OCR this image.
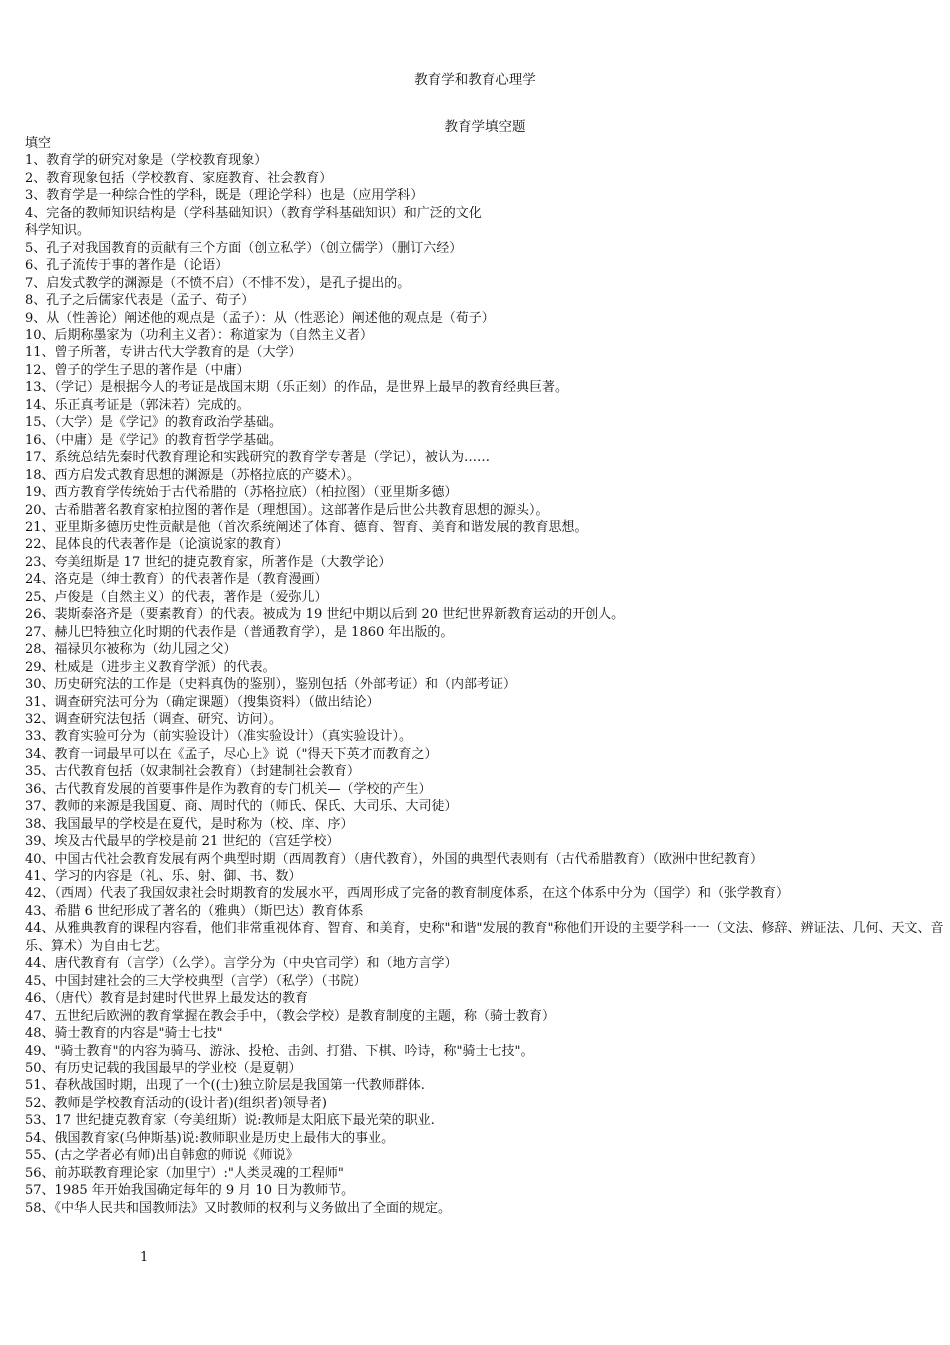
教育学和教育心理学
教育学填空题
填空
1、教育学的研究对象是（学校教育现象）
2、教育现象包括（学校教育、家庭教育、社会教育）
3、教育学是一种综合性的学科，既是（理论学科）也是（应用学科）
4、完备的教师知识结构是（学科基础知识）（教育学科基础知识）和广泛的文化
科学知识。
5、孔子对我国教育的贡献有三个方面（创立私学）（创立儒学）（删订六经）
6、孔子流传于事的著作是（论语）
7、启发式教学的渊源是（不愤不启）（不悱不发），是孔子提出的。
8、孔子之后儒家代表是（孟子、荀子）
9、从（性善论）阐述他的观点是（孟子）：从（性恶论）阐述他的观点是（荀子）
10、后期称墨家为（功利主义者）：称道家为（自然主义者）
11、曾子所著，专讲古代大学教育的是（大学）
12、曾子的学生子思的著作是（中庸）
13、（学记）是根据今人的考证是战国末期（乐正刻）的作品，是世界上最早的教育经典巨著。
14、乐正真考证是（郭沫若）完成的。
15、（大学）是《学记》的教育政治学基础。
16、（中庸）是《学记》的教育哲学学基础。
17、系统总结先秦时代教育理论和实践研究的教育学专著是（学记），被认为……
18、西方启发式教育思想的渊源是（苏格拉底的产婆术）。
19、西方教育学传统始于古代希腊的（苏格拉底）（柏拉图）（亚里斯多德）
20、古希腊著名教育家柏拉图的著作是（理想国）。这部著作是后世公共教育思想的源头）。
21、亚里斯多德历史性贡献是他（首次系统阐述了体育、德育、智育、美育和谐发展的教育思想。
22、昆体良的代表著作是（论演说家的教育）
23、夸美纽斯是 17 世纪的捷克教育家，所著作是（大教学论）
24、洛克是（绅士教育）的代表著作是（教育漫画）
25、卢俊是（自然主义）的代表，著作是（爱弥儿）
26、裴斯泰洛齐是（要素教育）的代表。被成为 19 世纪中期以后到 20 世纪世界新教育运动的开创人。
27、赫儿巴特独立化时期的代表作是（普通教育学），是 1860 年出版的。
28、福禄贝尔被称为（幼儿园之父）
29、杜威是（进步主义教育学派）的代表。
30、历史研究法的工作是（史料真伪的鉴别），鉴别包括（外部考证）和（内部考证）
31、调查研究法可分为（确定课题）（搜集资料）（做出结论）
32、调查研究法包括（调查、研究、访问）。
33、教育实验可分为（前实验设计）（准实验设计）（真实验设计）。
34、教育一词最早可以在《孟子，尽心上》说（"得天下英才而教育之）
35、古代教育包括（奴隶制社会教育）（封建制社会教育）
36、古代教育发展的首要事件是作为教育的专门机关—（学校的产生）
37、教师的来源是我国夏、商、周时代的（师氏、保氏、大司乐、大司徒）
38、我国最早的学校是在夏代，是时称为（校、庠、序）
39、埃及古代最早的学校是前 21 世纪的（宫廷学校）
40、中国古代社会教育发展有两个典型时期（西周教育）（唐代教育），外国的典型代表则有（古代希腊教育）（欧洲中世纪教育）
41、学习的内容是（礼、乐、射、御、书、数）
42、（西周）代表了我国奴隶社会时期教育的发展水平，西周形成了完备的教育制度体系，在这个体系中分为（国学）和（张学教育）
43、希腊 6 世纪形成了著名的（雅典）（斯巴达）教育体系
44、从雅典教育的课程内容看，他们非常重视体育、智育、和美育，史称"和谐"发展的教育"称他们开设的主要学科一一（文法、修辞、辨证法、几何、天文、音乐、算术）为自由七艺。
44、唐代教育有（言学）（么学）。言学分为（中央官司学）和（地方言学）
45、中国封建社会的三大学校典型（言学）（私学）（书院）
46、（唐代）教育是封建时代世界上最发达的教育
47、五世纪后欧洲的教育掌握在教会手中，（教会学校）是教育制度的主题，称（骑士教育）
48、骑士教育的内容是"骑士七技"
49、"骑士教育"的内容为骑马、游泳、投枪、击剑、打猎、下棋、吟诗，称"骑士七技"。
50、有历史记载的我国最早的学业校（是夏朝）
51、春秋战国时期，出现了一个((士)独立阶层是我国第一代教师群体.
52、教师是学校教育活动的(设计者)(组织者)领导者)
53、17 世纪捷克教育家（夸美纽斯）说:教师是太阳底下最光荣的职业.
54、俄国教育家(乌伸斯基)说:教师职业是历史上最伟大的事业。
55、(古之学者必有师)出自韩愈的师说《师说》
56、前苏联教育理论家（加里宁）:"人类灵魂的工程师"
57、1985 年开始我国确定每年的 9 月 10 日为教师节。
58、《中华人民共和国教师法》又时教师的权利与义务做出了全面的规定。
1
